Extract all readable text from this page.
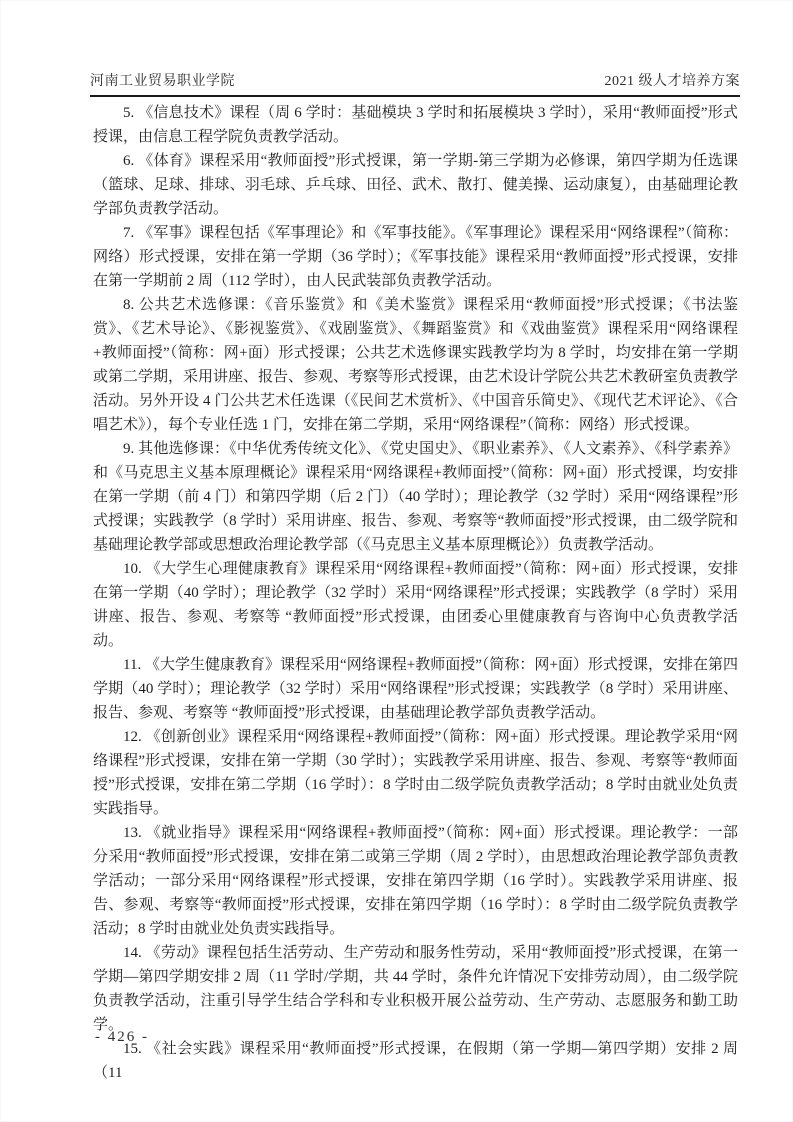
河南工业贸易职业学院	2021 级人才培养方案

5. 《信息技术》课程（周 6 学时：基础模块 3 学时和拓展模块 3 学时），采用“教师面授”形式授课，由信息工程学院负责教学活动。

6. 《体育》课程采用“教师面授”形式授课，第一学期-第三学期为必修课，第四学期为任选课（篮球、足球、排球、羽毛球、乒乓球、田径、武术、散打、健美操、运动康复），由基础理论教学部负责教学活动。

7. 《军事》课程包括《军事理论》和《军事技能》。《军事理论》课程采用“网络课程”（简称：网络）形式授课，安排在第一学期（36 学时）；《军事技能》课程采用“教师面授”形式授课，安排在第一学期前 2 周（112 学时），由人民武装部负责教学活动。

8. 公共艺术选修课：《音乐鉴赏》和《美术鉴赏》课程采用“教师面授”形式授课；《书法鉴赏》、《艺术导论》、《影视鉴赏》、《戏剧鉴赏》、《舞蹈鉴赏》和《戏曲鉴赏》课程采用“网络课程+教师面授”（简称：网+面）形式授课；公共艺术选修课实践教学均为 8 学时，均安排在第一学期或第二学期，采用讲座、报告、参观、考察等形式授课，由艺术设计学院公共艺术教研室负责教学活动。另外开设 4 门公共艺术任选课（《民间艺术赏析》、《中国音乐简史》、《现代艺术评论》、《合唱艺术》），每个专业任选 1 门，安排在第二学期，采用“网络课程”（简称：网络）形式授课。

9. 其他选修课：《中华优秀传统文化》、《党史国史》、《职业素养》、《人文素养》、《科学素养》和《马克思主义基本原理概论》课程采用“网络课程+教师面授”（简称：网+面）形式授课，均安排在第一学期（前 4 门）和第四学期（后 2 门）（40 学时）；理论教学（32 学时）采用“网络课程”形式授课；实践教学（8 学时）采用讲座、报告、参观、考察等“教师面授”形式授课，由二级学院和基础理论教学部或思想政治理论教学部（《马克思主义基本原理概论》）负责教学活动。

10. 《大学生心理健康教育》课程采用“网络课程+教师面授”（简称：网+面）形式授课，安排在第一学期（40 学时）；理论教学（32 学时）采用“网络课程”形式授课；实践教学（8 学时）采用讲座、报告、参观、考察等 “教师面授”形式授课，由团委心里健康教育与咨询中心负责教学活动。

11. 《大学生健康教育》课程采用“网络课程+教师面授”（简称：网+面）形式授课，安排在第四学期（40 学时）；理论教学（32 学时）采用“网络课程”形式授课；实践教学（8 学时）采用讲座、报告、参观、考察等 “教师面授”形式授课，由基础理论教学部负责教学活动。

12. 《创新创业》课程采用“网络课程+教师面授”（简称：网+面）形式授课。理论教学采用“网络课程”形式授课，安排在第一学期（30 学时）；实践教学采用讲座、报告、参观、考察等“教师面授”形式授课，安排在第二学期（16 学时）：8 学时由二级学院负责教学活动；8 学时由就业处负责实践指导。

13. 《就业指导》课程采用“网络课程+教师面授”（简称：网+面）形式授课。理论教学：一部分采用“教师面授”形式授课，安排在第二或第三学期（周 2 学时），由思想政治理论教学部负责教学活动；一部分采用“网络课程”形式授课，安排在第四学期（16 学时）。实践教学采用讲座、报告、参观、考察等“教师面授”形式授课，安排在第四学期（16 学时）：8 学时由二级学院负责教学活动；8 学时由就业处负责实践指导。

14. 《劳动》课程包括生活劳动、生产劳动和服务性劳动，采用“教师面授”形式授课，在第一学期—第四学期安排 2 周（11 学时/学期，共 44 学时，条件允许情况下安排劳动周），由二级学院负责教学活动，注重引导学生结合学科和专业积极开展公益劳动、生产劳动、志愿服务和勤工助学。

15. 《社会实践》课程采用“教师面授”形式授课，在假期（第一学期—第四学期）安排 2 周（11

- 426 -
